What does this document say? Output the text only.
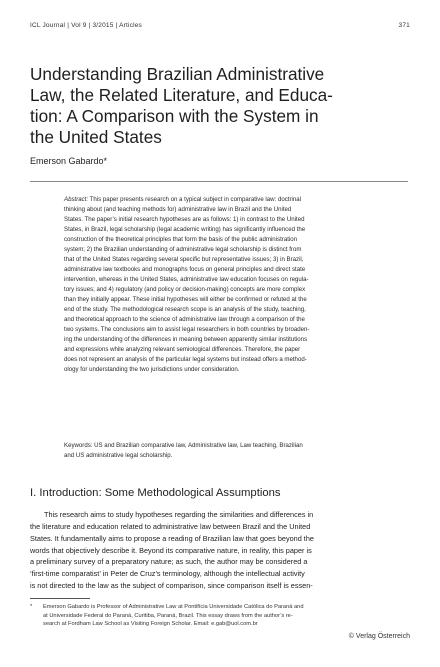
ICL Journal | Vol 9 | 3/2015 | Articles	371
Understanding Brazilian Administrative
Law, the Related Literature, and Educa-
tion: A Comparison with the System in
the United States
Emerson Gabardo*
Abstract: This paper presents research on a typical subject in comparative law: doctrinal
thinking about (and teaching methods for) administrative law in Brazil and the United
States. The paper’s initial research hypotheses are as follows: 1) in contrast to the United
States, in Brazil, legal scholarship (legal academic writing) has significantly influenced the
construction of the theoretical principles that form the basis of the public administration
system; 2) the Brazilian understanding of administrative legal scholarship is distinct from
that of the United States regarding several specific but representative issues; 3) in Brazil,
administrative law textbooks and monographs focus on general principles and direct state
intervention, whereas in the United States, administrative law education focuses on regula-
tory issues; and 4) regulatory (and policy or decision-making) concepts are more complex
than they initially appear. These initial hypotheses will either be confirmed or refuted at the
end of the study. The methodological research scope is an analysis of the study, teaching,
and theoretical approach to the science of administrative law through a comparison of the
two systems. The conclusions aim to assist legal researchers in both countries by broaden-
ing the understanding of the differences in meaning between apparently similar institutions
and expressions while analyzing relevant semiological differences. Therefore, the paper
does not represent an analysis of the particular legal systems but instead offers a method-
ology for understanding the two jurisdictions under consideration.
Keywords: US and Brazilian comparative law, Administrative law, Law teaching, Brazilian
and US administrative legal scholarship.
I. Introduction: Some Methodological Assumptions
This research aims to study hypotheses regarding the similarities and differences in
the literature and education related to administrative law between Brazil and the United
States. It fundamentally aims to propose a reading of Brazilian law that goes beyond the
words that objectively describe it. Beyond its comparative nature, in reality, this paper is
a preliminary survey of a preparatory nature; as such, the author may be considered a
‘first-time comparatist’ in Peter de Cruz’s terminology, although the intellectual activity
is not directed to the law as the subject of comparison, since comparison itself is essen-
* Emerson Gabardo is Professor of Administrative Law at Pontifícia Universidade Católica do Paraná and
at Universidade Federal do Paraná, Curitiba, Paraná, Brazil. This essay draws from the author’s re-
search at Fordham Law School as Visiting Foreign Scholar. Email: e.gab@uol.com.br
© Verlag Österreich
